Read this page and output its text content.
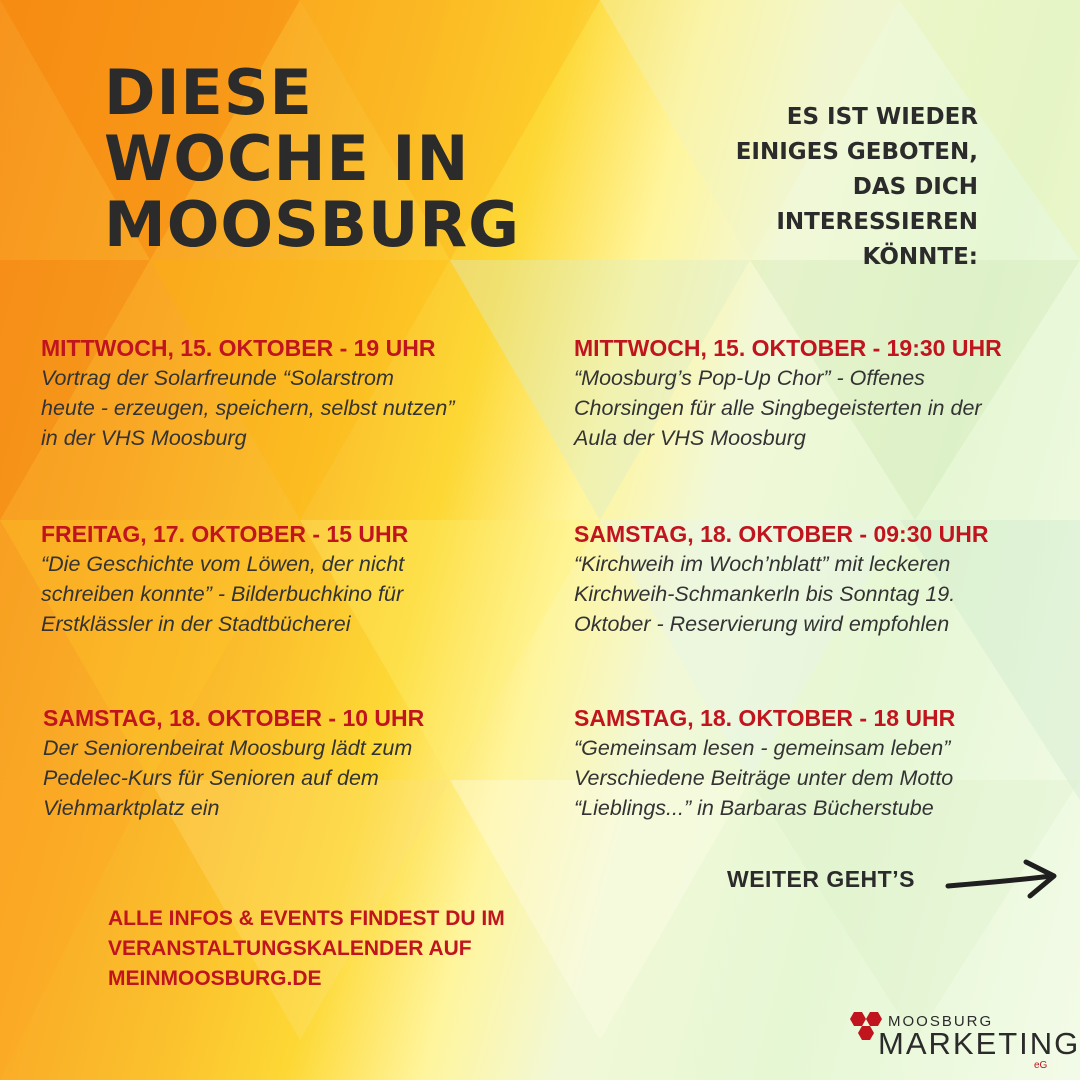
DIESE
WOCHE IN
MOOSBURG
ES IST WIEDER
EINIGES GEBOTEN,
DAS DICH
INTERESSIEREN
KÖNNTE:
MITTWOCH, 15. OKTOBER - 19 UHR
Vortrag der Solarfreunde “Solarstrom
heute - erzeugen, speichern, selbst nutzen”
in der VHS Moosburg
MITTWOCH, 15. OKTOBER - 19:30 UHR
“Moosburg’s Pop-Up Chor” - Offenes
Chorsingen für alle Singbegeisterten in der
Aula der VHS Moosburg
FREITAG, 17. OKTOBER - 15 UHR
“Die Geschichte vom Löwen, der nicht
schreiben konnte” - Bilderbuchkino für
Erstklässler in der Stadtbücherei
SAMSTAG, 18. OKTOBER - 09:30 UHR
“Kirchweih im Woch’nblatt” mit leckeren
Kirchweih-Schmankerln bis Sonntag 19.
Oktober - Reservierung wird empfohlen
SAMSTAG, 18. OKTOBER - 10 UHR
Der Seniorenbeirat Moosburg lädt zum
Pedelec-Kurs für Senioren auf dem
Viehmarktplatz ein
SAMSTAG, 18. OKTOBER - 18 UHR
“Gemeinsam lesen - gemeinsam leben”
Verschiedene Beiträge unter dem Motto
“Lieblings...” in Barbaras Bücherstube
WEITER GEHT’S
ALLE INFOS & EVENTS FINDEST DU IM
VERANSTALTUNGSKALENDER AUF
MEINMOOSBURG.DE
MOOSBURG
MARKETING
eG
